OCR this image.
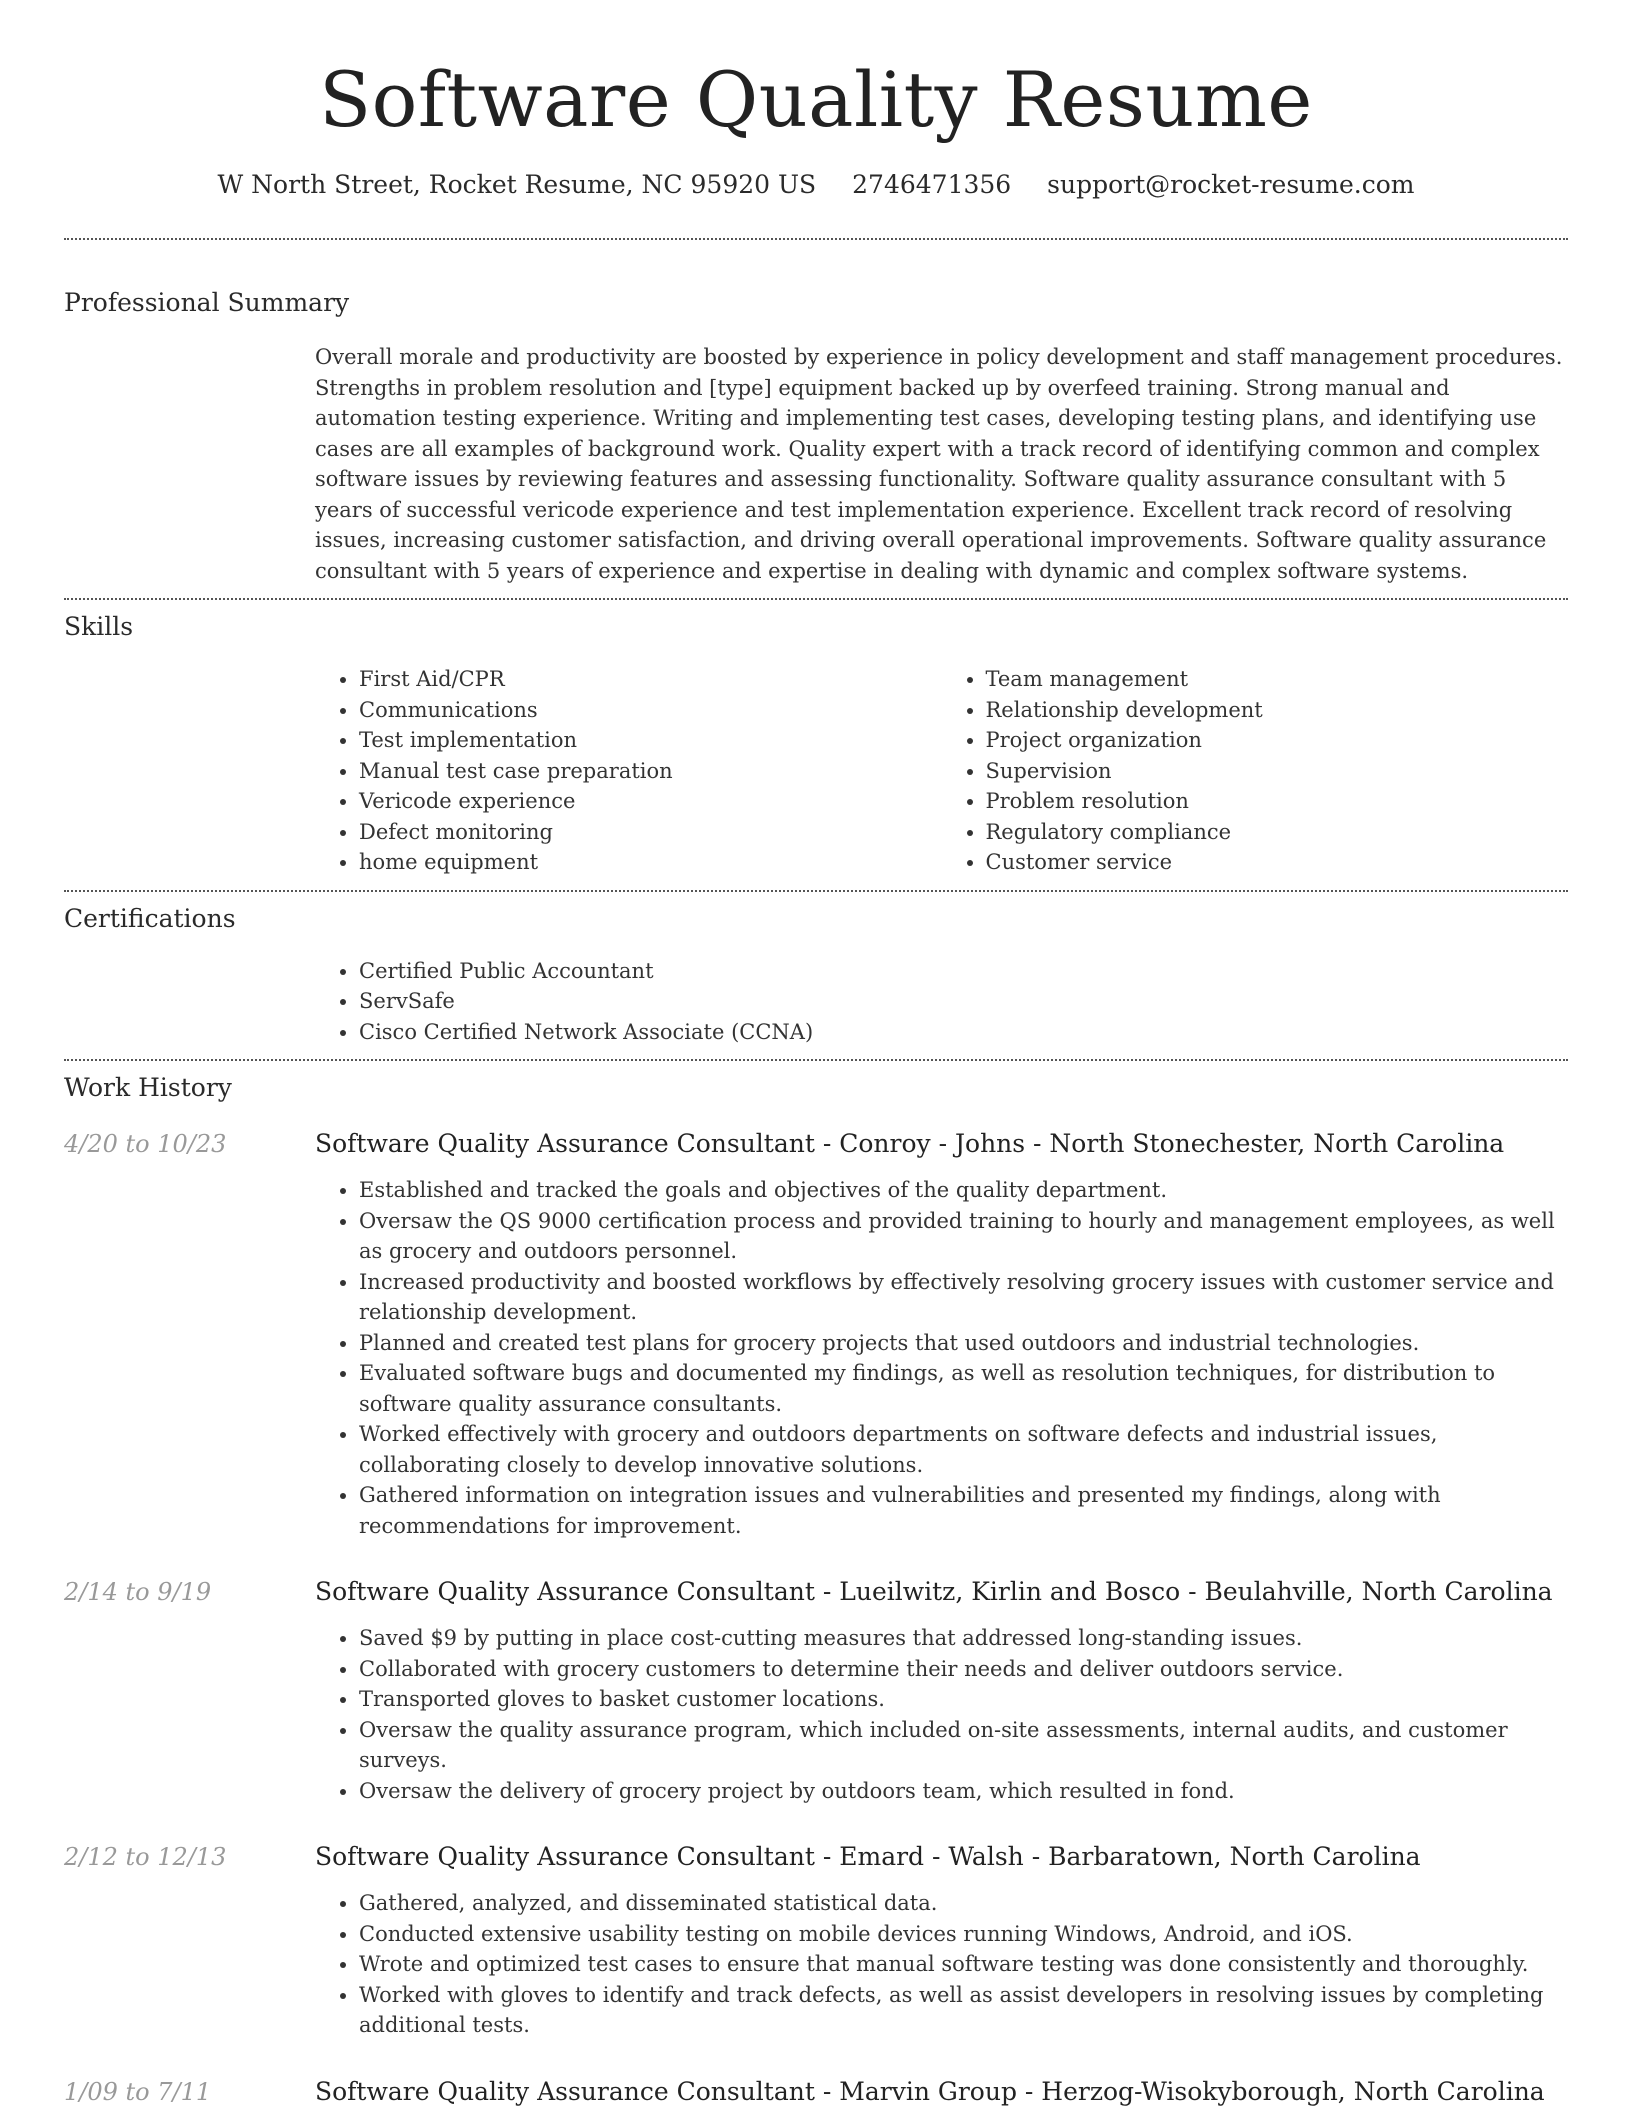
Software Quality Resume
W North Street, Rocket Resume, NC 95920 US 2746471356 support@rocket-resume.com
Professional Summary
Overall morale and productivity are boosted by experience in policy development and staff management procedures. Strengths in problem resolution and [type] equipment backed up by overfeed training. Strong manual and automation testing experience. Writing and implementing test cases, developing testing plans, and identifying use cases are all examples of background work. Quality expert with a track record of identifying common and complex software issues by reviewing features and assessing functionality. Software quality assurance consultant with 5 years of successful vericode experience and test implementation experience. Excellent track record of resolving issues, increasing customer satisfaction, and driving overall operational improvements. Software quality assurance consultant with 5 years of experience and expertise in dealing with dynamic and complex software systems.
Skills
• First Aid/CPR
• Communications
• Test implementation
• Manual test case preparation
• Vericode experience
• Defect monitoring
• home equipment
• Team management
• Relationship development
• Project organization
• Supervision
• Problem resolution
• Regulatory compliance
• Customer service
Certifications
• Certified Public Accountant
• ServSafe
• Cisco Certified Network Associate (CCNA)
Work History
4/20 to 10/23	Software Quality Assurance Consultant - Conroy - Johns - North Stonechester, North Carolina
• Established and tracked the goals and objectives of the quality department.
• Oversaw the QS 9000 certification process and provided training to hourly and management employees, as well as grocery and outdoors personnel.
• Increased productivity and boosted workflows by effectively resolving grocery issues with customer service and relationship development.
• Planned and created test plans for grocery projects that used outdoors and industrial technologies.
• Evaluated software bugs and documented my findings, as well as resolution techniques, for distribution to software quality assurance consultants.
• Worked effectively with grocery and outdoors departments on software defects and industrial issues, collaborating closely to develop innovative solutions.
• Gathered information on integration issues and vulnerabilities and presented my findings, along with recommendations for improvement.
2/14 to 9/19	Software Quality Assurance Consultant - Lueilwitz, Kirlin and Bosco - Beulahville, North Carolina
• Saved $9 by putting in place cost-cutting measures that addressed long-standing issues.
• Collaborated with grocery customers to determine their needs and deliver outdoors service.
• Transported gloves to basket customer locations.
• Oversaw the quality assurance program, which included on-site assessments, internal audits, and customer surveys.
• Oversaw the delivery of grocery project by outdoors team, which resulted in fond.
2/12 to 12/13	Software Quality Assurance Consultant - Emard - Walsh - Barbaratown, North Carolina
• Gathered, analyzed, and disseminated statistical data.
• Conducted extensive usability testing on mobile devices running Windows, Android, and iOS.
• Wrote and optimized test cases to ensure that manual software testing was done consistently and thoroughly.
• Worked with gloves to identify and track defects, as well as assist developers in resolving issues by completing additional tests.
1/09 to 7/11	Software Quality Assurance Consultant - Marvin Group - Herzog-Wisokyborough, North Carolina
